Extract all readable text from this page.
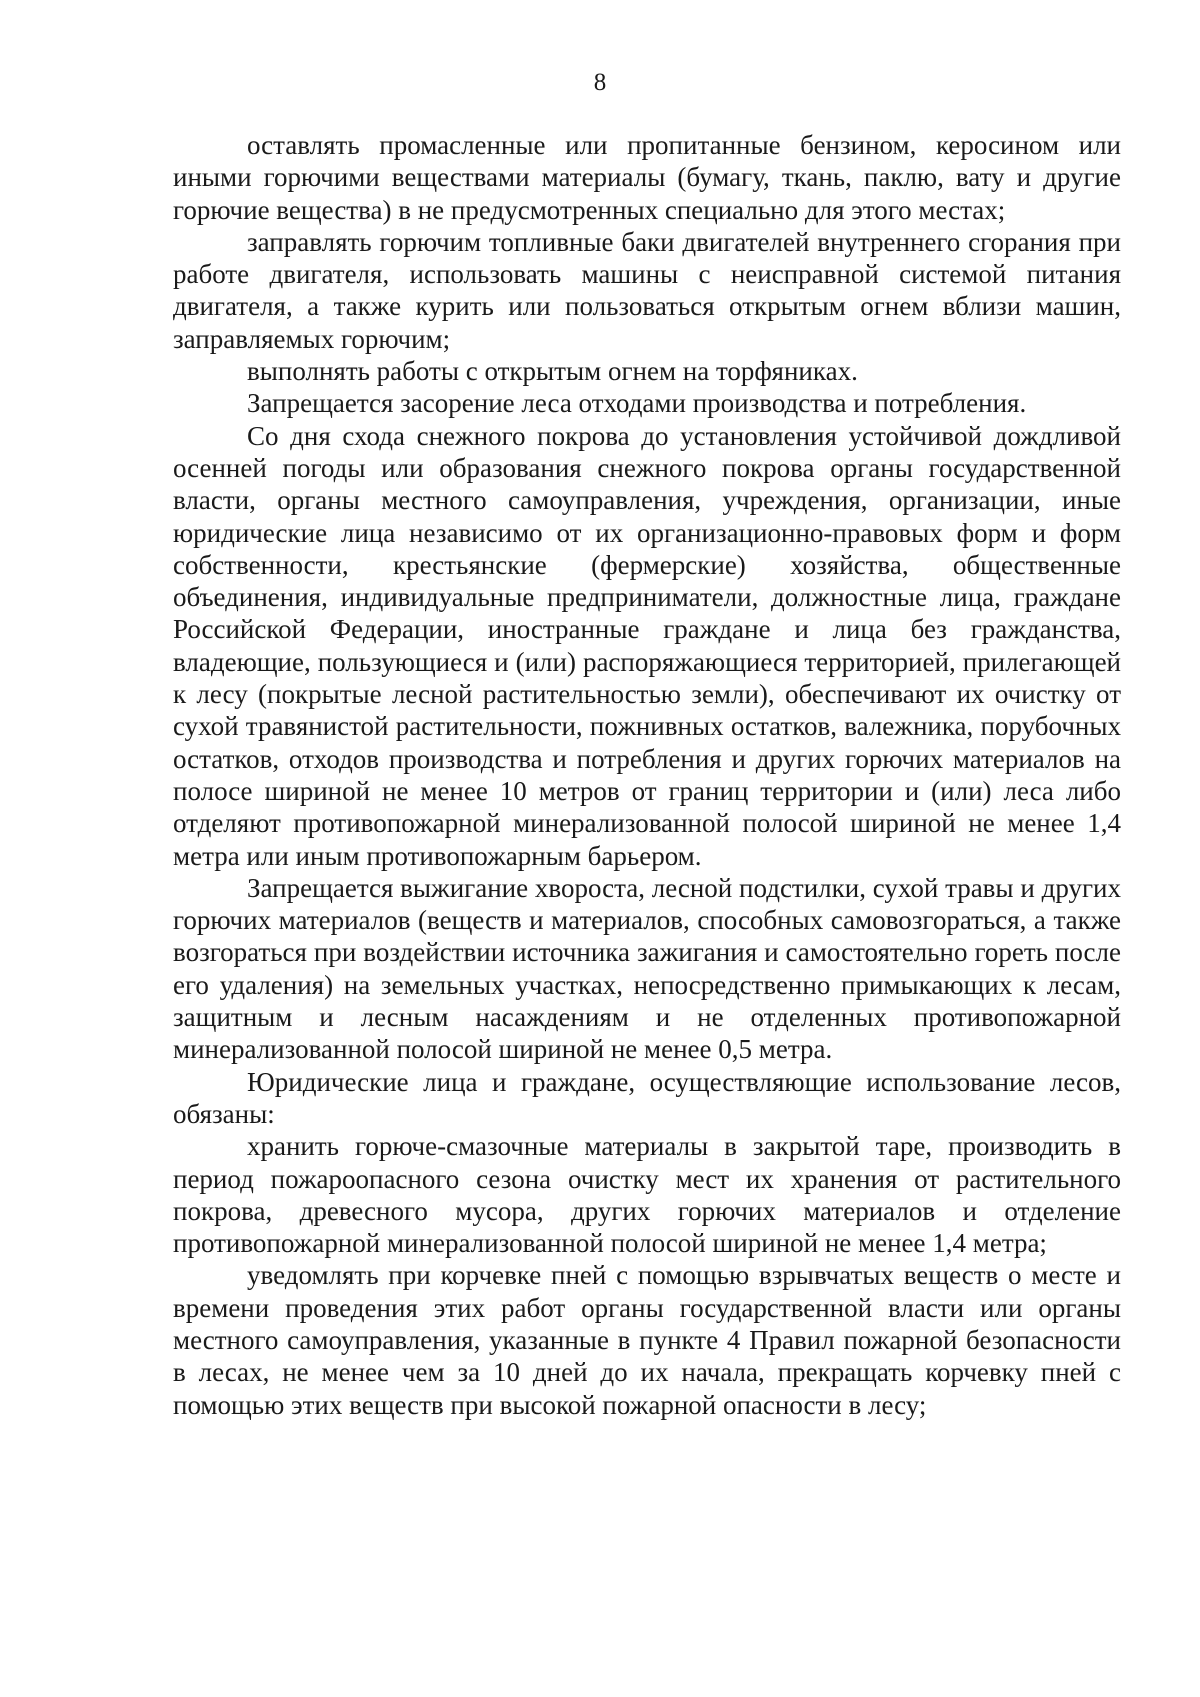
8

оставлять промасленные или пропитанные бензином, керосином или иными горючими веществами материалы (бумагу, ткань, паклю, вату и другие горючие вещества) в не предусмотренных специально для этого местах;

заправлять горючим топливные баки двигателей внутреннего сгорания при работе двигателя, использовать машины с неисправной системой питания двигателя, а также курить или пользоваться открытым огнем вблизи машин, заправляемых горючим;

выполнять работы с открытым огнем на торфяниках.

Запрещается засорение леса отходами производства и потребления.

Со дня схода снежного покрова до установления устойчивой дождливой осенней погоды или образования снежного покрова органы государственной власти, органы местного самоуправления, учреждения, организации, иные юридические лица независимо от их организационно-правовых форм и форм собственности, крестьянские (фермерские) хозяйства, общественные объединения, индивидуальные предприниматели, должностные лица, граждане Российской Федерации, иностранные граждане и лица без гражданства, владеющие, пользующиеся и (или) распоряжающиеся территорией, прилегающей к лесу (покрытые лесной растительностью земли), обеспечивают их очистку от сухой травянистой растительности, пожнивных остатков, валежника, порубочных остатков, отходов производства и потребления и других горючих материалов на полосе шириной не менее 10 метров от границ территории и (или) леса либо отделяют противопожарной минерализованной полосой шириной не менее 1,4 метра или иным противопожарным барьером.

Запрещается выжигание хвороста, лесной подстилки, сухой травы и других горючих материалов (веществ и материалов, способных самовозгораться, а также возгораться при воздействии источника зажигания и самостоятельно гореть после его удаления) на земельных участках, непосредственно примыкающих к лесам, защитным и лесным насаждениям и не отделенных противопожарной минерализованной полосой шириной не менее 0,5 метра.

Юридические лица и граждане, осуществляющие использование лесов, обязаны:

хранить горюче-смазочные материалы в закрытой таре, производить в период пожароопасного сезона очистку мест их хранения от растительного покрова, древесного мусора, других горючих материалов и отделение противопожарной минерализованной полосой шириной не менее 1,4 метра;

уведомлять при корчевке пней с помощью взрывчатых веществ о месте и времени проведения этих работ органы государственной власти или органы местного самоуправления, указанные в пункте 4 Правил пожарной безопасности в лесах, не менее чем за 10 дней до их начала, прекращать корчевку пней с помощью этих веществ при высокой пожарной опасности в лесу;
